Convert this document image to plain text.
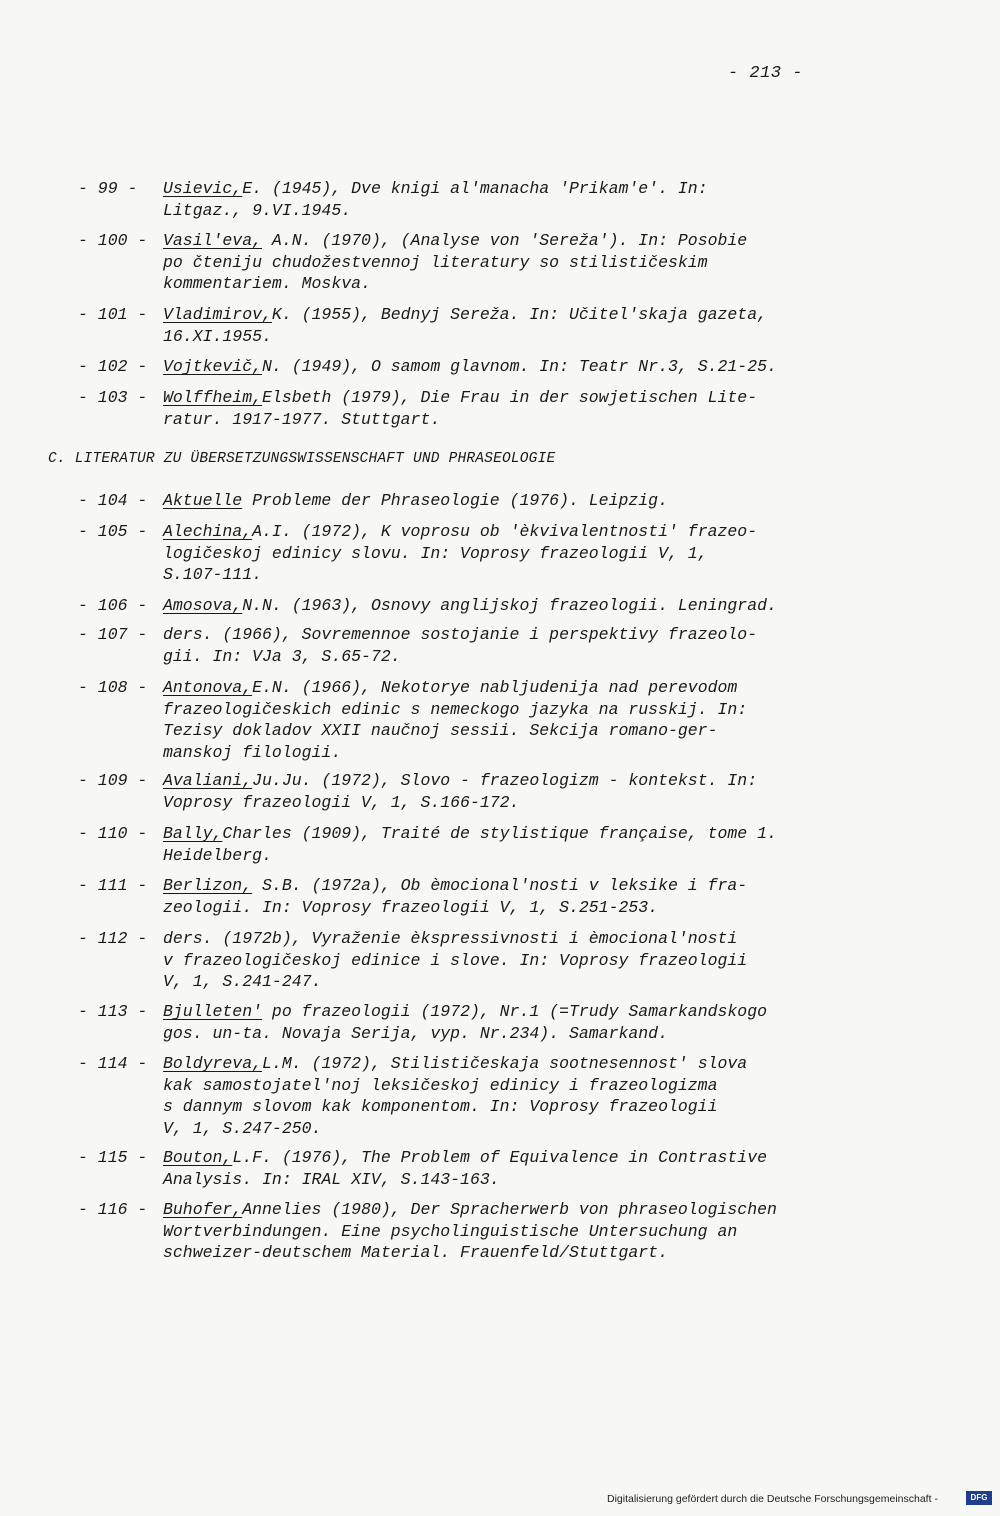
- 213 -
- 99 -	Usievic,E. (1945), Dve knigi al'manacha 'Prikam'e'. In:
Litgaz., 9.VI.1945.
- 100 - Vasil'eva, A.N. (1970), (Analyse von 'Sereža'). In: Posobie
po čteniju chudožestvennoj literatury so stilističeskim
kommentariem. Moskva.
- 101 - Vladimirov,K. (1955), Bednyj Sereža. In: Učitel'skaja gazeta,
16.XI.1955.
- 102 - Vojtkevič,N. (1949), O samom glavnom. In: Teatr Nr.3, S.21-25.
- 103 - Wolffheim,Elsbeth (1979), Die Frau in der sowjetischen Lite-
ratur. 1917-1977. Stuttgart.
- 104 - Aktuelle Probleme der Phraseologie (1976). Leipzig.
- 105 - Alechina,A.I. (1972), K voprosu ob 'èkvivalentnosti' frazeo-
logičeskoj edinicy slovu. In: Voprosy frazeologii V, 1,
S.107-111.
- 106 - Amosova,N.N. (1963), Osnovy anglijskoj frazeologii. Leningrad.
- 107 - ders. (1966), Sovremennoe sostojanie i perspektivy frazeolo-
gii. In: VJa 3, S.65-72.
- 108 - Antonova,E.N. (1966), Nekotorye nabljudenija nad perevodom
frazeologičeskich edinic s nemeckogo jazyka na russkij. In:
Tezisy dokladov XXII naučnoj sessii. Sekcija romano-ger-
manskoj filologii.
- 109 - Avaliani,Ju.Ju. (1972), Slovo - frazeologizm - kontekst. In:
Voprosy frazeologii V, 1, S.166-172.
- 110 - Bally,Charles (1909), Traité de stylistique française, tome 1.
Heidelberg.
- 111 - Berlizon, S.B. (1972a), Ob èmocional'nosti v leksike i fra-
zeologii. In: Voprosy frazeologii V, 1, S.251-253.
- 112 - ders. (1972b), Vyraženie èkspressivnosti i èmocional'nosti
v frazeologičeskoj edinice i slove. In: Voprosy frazeologii
V, 1, S.241-247.
- 113 - Bjulleten' po frazeologii (1972), Nr.1 (=Trudy Samarkandskogo
gos. un-ta. Novaja Serija, vyp. Nr.234). Samarkand.
- 114 - Boldyreva,L.M. (1972), Stilističeskaja sootnesennost' slova
kak samostojatel'noj leksičeskoj edinicy i frazeologizma
s dannym slovom kak komponentom. In: Voprosy frazeologii
V, 1, S.247-250.
- 115 - Bouton,L.F. (1976), The Problem of Equivalence in Contrastive
Analysis. In: IRAL XIV, S.143-163.
- 116 - Buhofer,Annelies (1980), Der Spracherwerb von phraseologischen
Wortverbindungen. Eine psycholinguistische Untersuchung an
schweizer-deutschem Material. Frauenfeld/Stuttgart.
C. LITERATUR ZU ÜBERSETZUNGSWISSENSCHAFT UND PHRASEOLOGIE
Digitalisierung gefördert durch die Deutsche Forschungsgemeinschaft -	DFG
